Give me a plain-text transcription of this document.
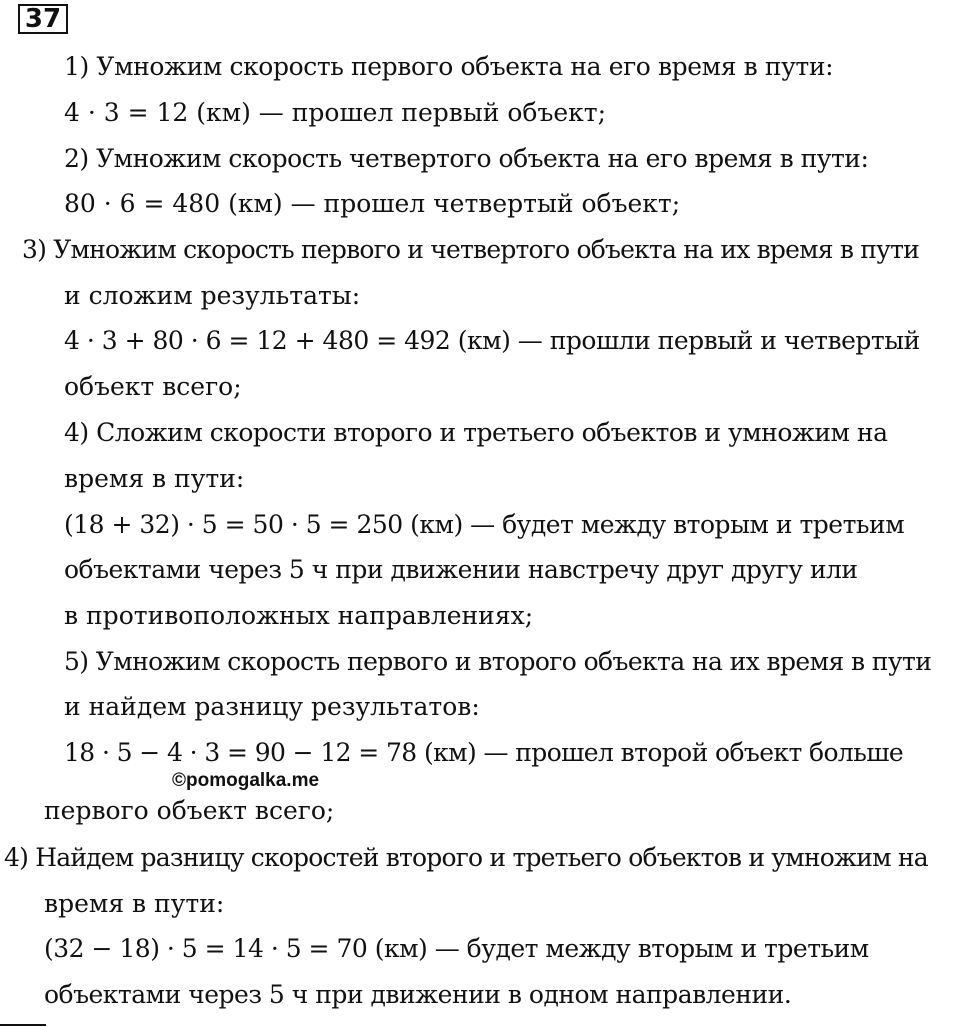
37
1) Умножим скорость первого объекта на его время в пути:
4 · 3 = 12 (км) — прошел первый объект;
2) Умножим скорость четвертого объекта на его время в пути:
80 · 6 = 480 (км) — прошел четвертый объект;
3) Умножим скорость первого и четвертого объекта на их время в пути
и сложим результаты:
4 · 3 + 80 · 6 = 12 + 480 = 492 (км) — прошли первый и четвертый
объект всего;
4) Сложим скорости второго и третьего объектов и умножим на
время в пути:
(18 + 32) · 5 = 50 · 5 = 250 (км) — будет между вторым и третьим
объектами через 5 ч при движении навстречу друг другу или
в противоположных направлениях;
5) Умножим скорость первого и второго объекта на их время в пути
и найдем разницу результатов:
18 · 5 − 4 · 3 = 90 − 12 = 78 (км) — прошел второй объект больше
©pomogalka.me
первого объект всего;
4) Найдем разницу скоростей второго и третьего объектов и умножим на
время в пути:
(32 − 18) · 5 = 14 · 5 = 70 (км) — будет между вторым и третьим
объектами через 5 ч при движении в одном направлении.
